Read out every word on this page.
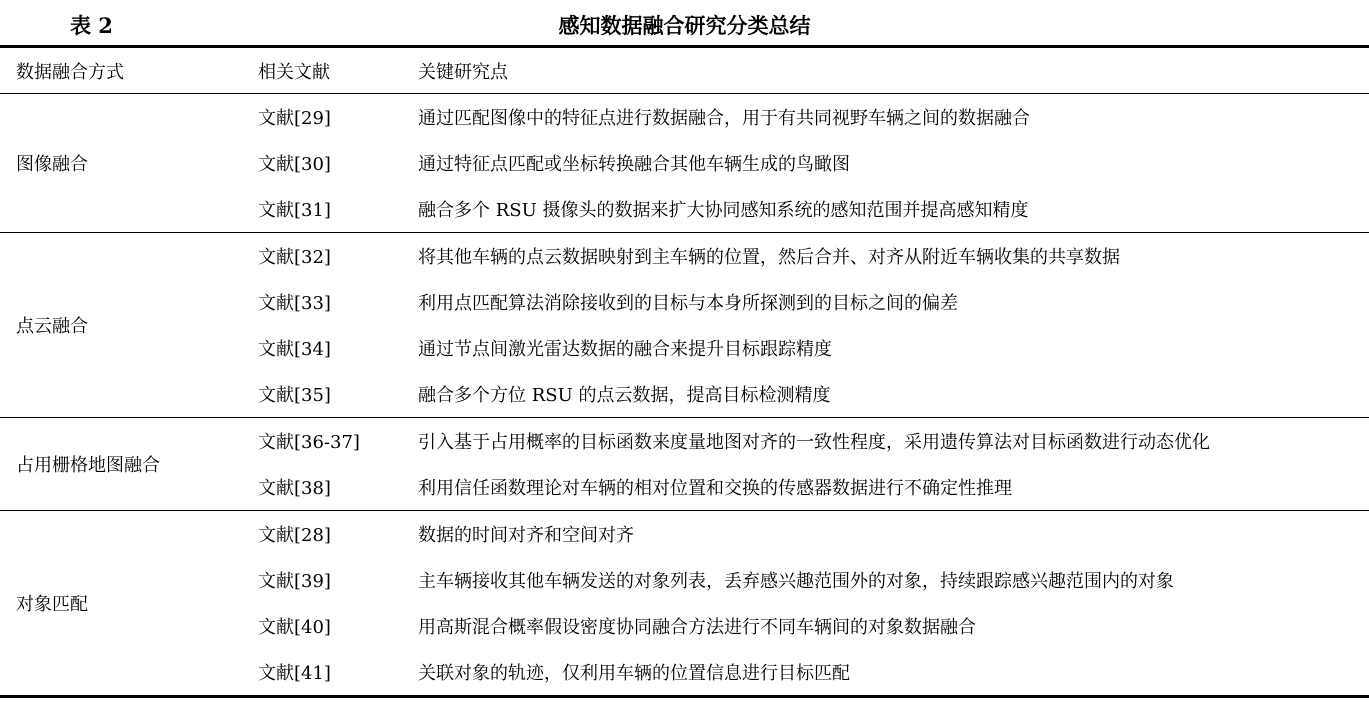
表 2	感知数据融合研究分类总结
数据融合方式	相关文献	关键研究点
图像融合	文献[29]	通过匹配图像中的特征点进行数据融合，用于有共同视野车辆之间的数据融合
	文献[30]	通过特征点匹配或坐标转换融合其他车辆生成的鸟瞰图
	文献[31]	融合多个 RSU 摄像头的数据来扩大协同感知系统的感知范围并提高感知精度
点云融合	文献[32]	将其他车辆的点云数据映射到主车辆的位置，然后合并、对齐从附近车辆收集的共享数据
	文献[33]	利用点匹配算法消除接收到的目标与本身所探测到的目标之间的偏差
	文献[34]	通过节点间激光雷达数据的融合来提升目标跟踪精度
	文献[35]	融合多个方位 RSU 的点云数据，提高目标检测精度
占用栅格地图融合	文献[36-37]	引入基于占用概率的目标函数来度量地图对齐的一致性程度，采用遗传算法对目标函数进行动态优化
	文献[38]	利用信任函数理论对车辆的相对位置和交换的传感器数据进行不确定性推理
对象匹配	文献[28]	数据的时间对齐和空间对齐
	文献[39]	主车辆接收其他车辆发送的对象列表，丢弃感兴趣范围外的对象，持续跟踪感兴趣范围内的对象
	文献[40]	用高斯混合概率假设密度协同融合方法进行不同车辆间的对象数据融合
	文献[41]	关联对象的轨迹，仅利用车辆的位置信息进行目标匹配
